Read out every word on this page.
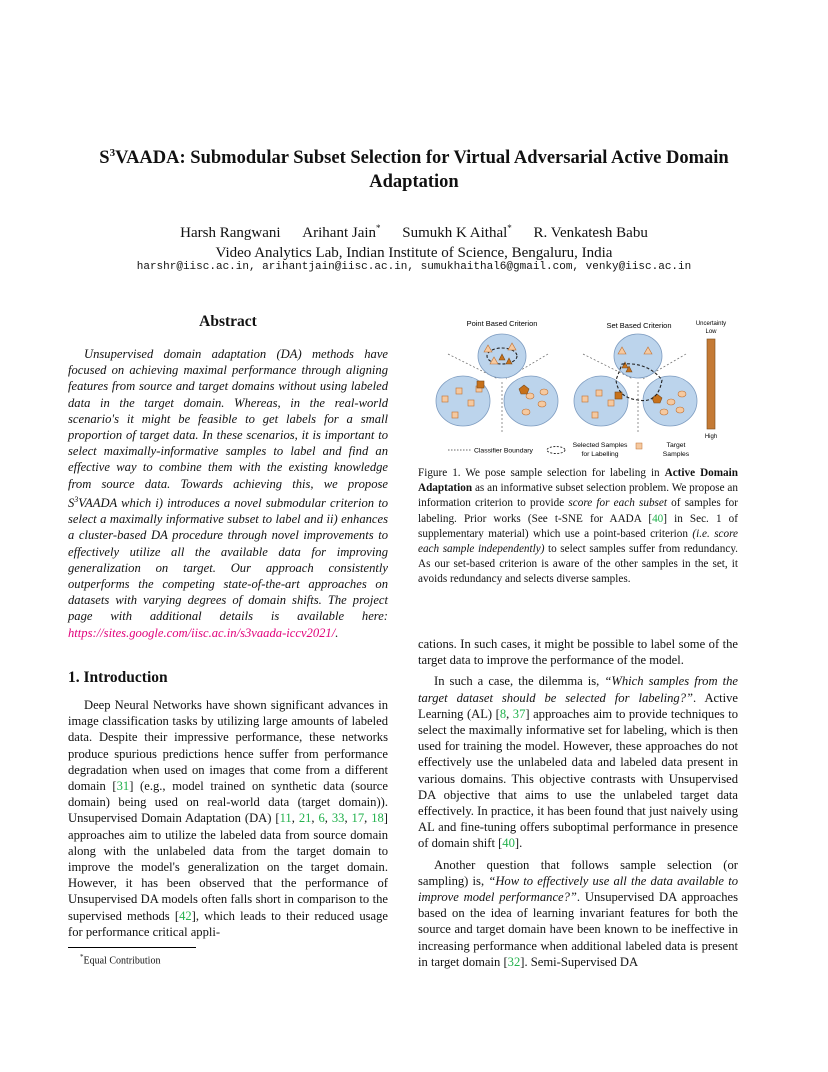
$S^3VAADA$: Submodular Subset Selection for Virtual Adversarial Active Domain Adaptation
Harsh Rangwani Arihant Jain* Sumukh K Aithal* R. Venkatesh Babu
Video Analytics Lab, Indian Institute of Science, Bengaluru, India
harshr@iisc.ac.in, arihantjain@iisc.ac.in, sumukhaithal6@gmail.com, venky@iisc.ac.in
Abstract
Unsupervised domain adaptation (DA) methods have focused on achieving maximal performance through aligning features from source and target domains without using labeled data in the target domain. Whereas, in the real-world scenario's it might be feasible to get labels for a small proportion of target data. In these scenarios, it is important to select maximally-informative samples to label and find an effective way to combine them with the existing knowledge from source data. Towards achieving this, we propose $S^3VAADA$ which i) introduces a novel submodular criterion to select a maximally informative subset to label and ii) enhances a cluster-based DA procedure through novel improvements to effectively utilize all the available data for improving generalization on target. Our approach consistently outperforms the competing state-of-the-art approaches on datasets with varying degrees of domain shifts. The project page with additional details is available here: https://sites.google.com/iisc.ac.in/s3vaada-iccv2021/.
1. Introduction

Deep Neural Networks have shown significant advances in image classification tasks by utilizing large amounts of labeled data. Despite their impressive performance, these networks produce spurious predictions hence suffer from performance degradation when used on images that come from a different domain [31] (e.g., model trained on synthetic data (source domain) being used on real-world data (target domain)). Unsupervised Domain Adaptation (DA) [11, 21, 6, 33, 17, 18] approaches aim to utilize the labeled data from source domain along with the unlabeled data from the target domain to improve the model's generalization on the target domain. However, it has been observed that the performance of Unsupervised DA models often falls short in comparison to the supervised methods [42], which leads to their reduced usage for performance critical appli-

*Equal Contribution
Point Based Criterion	Set Based Criterion	Uncertainty
Low
High
Classifier Boundary
Selected Samples
for Labelling
Target
Samples
Figure 1. We pose sample selection for labeling in Active Domain Adaptation as an informative subset selection problem. We propose an information criterion to provide score for each subset of samples for labeling. Prior works (See t-SNE for AADA [40] in Sec. 1 of supplementary material) which use a point-based criterion (i.e. score each sample independently) to select samples suffer from redundancy. As our set-based criterion is aware of the other samples in the set, it avoids redundancy and selects diverse samples.

cations. In such cases, it might be possible to label some of the target data to improve the performance of the model.

In such a case, the dilemma is, “Which samples from the target dataset should be selected for labeling?”. Active Learning (AL) [8, 37] approaches aim to provide techniques to select the maximally informative set for labeling, which is then used for training the model. However, these approaches do not effectively use the unlabeled data and labeled data present in various domains. This objective contrasts with Unsupervised DA objective that aims to use the unlabeled target data effectively. In practice, it has been found that just naively using AL and fine-tuning offers suboptimal performance in presence of domain shift [40].

Another question that follows sample selection (or sampling) is, “How to effectively use all the data available to improve model performance?”. Unsupervised DA approaches based on the idea of learning invariant features for both the source and target domain have been known to be ineffective in increasing performance when additional labeled data is present in target domain [32]. Semi-Supervised DA
